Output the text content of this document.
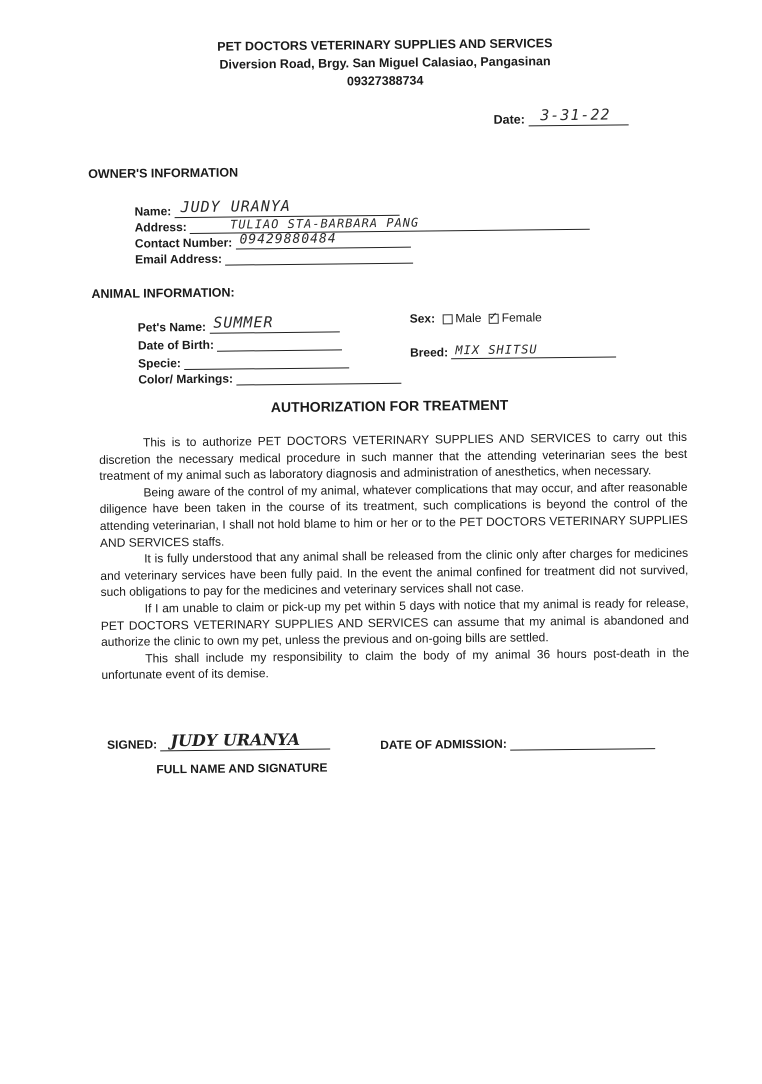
PET DOCTORS VETERINARY SUPPLIES AND SERVICES
Diversion Road, Brgy. San Miguel Calasiao, Pangasinan
09327388734
Date: 3-31-22
OWNER'S INFORMATION
Name: JUDY URANYA
Address:	TULIAO STA-BARBARA PANG
Contact Number: 09429880484
Email Address:
ANIMAL INFORMATION:
Pet's Name: SUMMER
Date of Birth:
Specie:
Color/ Markings:
Sex: Male ✓ Female
Breed: MIX SHITSU
AUTHORIZATION FOR TREATMENT

This is to authorize PET DOCTORS VETERINARY SUPPLIES AND SERVICES to carry out this discretion the necessary medical procedure in such manner that the attending veterinarian sees the best treatment of my animal such as laboratory diagnosis and administration of anesthetics, when necessary.

Being aware of the control of my animal, whatever complications that may occur, and after reasonable diligence have been taken in the course of its treatment, such complications is beyond the control of the attending veterinarian, I shall not hold blame to him or her or to the PET DOCTORS VETERINARY SUPPLIES AND SERVICES staffs.

It is fully understood that any animal shall be released from the clinic only after charges for medicines and veterinary services have been fully paid. In the event the animal confined for treatment did not survived, such obligations to pay for the medicines and veterinary services shall not case.

If I am unable to claim or pick-up my pet within 5 days with notice that my animal is ready for release, PET DOCTORS VETERINARY SUPPLIES AND SERVICES can assume that my animal is abandoned and authorize the clinic to own my pet, unless the previous and on-going bills are settled.

This shall include my responsibility to claim the body of my animal 36 hours post-death in the unfortunate event of its demise.

SIGNED: JUDY URANYA
FULL NAME AND SIGNATURE
DATE OF ADMISSION:
